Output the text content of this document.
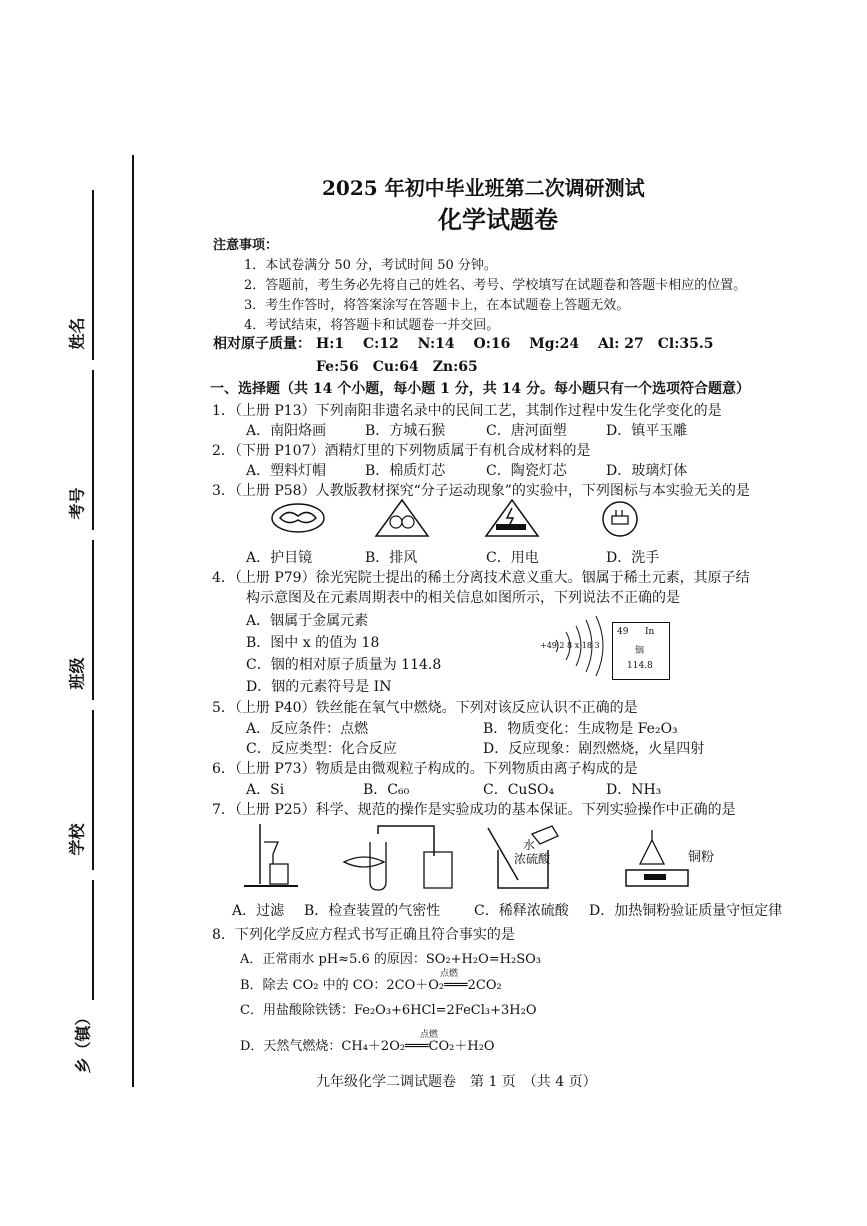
姓名
考号
班级
学校
乡（镇）
2025 年初中毕业班第二次调研测试
化学试题卷
注意事项：
1．本试卷满分 50 分，考试时间 50 分钟。
2．答题前，考生务必先将自己的姓名、考号、学校填写在试题卷和答题卡相应的位置。
3．考生作答时，将答案涂写在答题卡上，在本试题卷上答题无效。
4．考试结束，将答题卡和试题卷一并交回。
相对原子质量： H:1　 C:12　 N:14　 O:16　 Mg:24　 Al: 27　Cl:35.5
Fe:56　Cu:64　Zn:65
一、选择题（共 14 个小题，每小题 1 分，共 14 分。每小题只有一个选项符合题意）
1．（上册 P13）下列南阳非遗名录中的民间工艺，其制作过程中发生化学变化的是
A．南阳烙画	B．方城石猴	C．唐河面塑	D．镇平玉雕
2．（下册 P107）酒精灯里的下列物质属于有机合成材料的是
A．塑料灯帽	B．棉质灯芯	C．陶瓷灯芯	D．玻璃灯体
3．（上册 P58）人教版教材探究“分子运动现象”的实验中，下列图标与本实验无关的是
A．护目镜	B．排风	C．用电	D．洗手
4．（上册 P79）徐光宪院士提出的稀土分离技术意义重大。铟属于稀土元素，其原子结
构示意图及在元素周期表中的相关信息如图所示，下列说法不正确的是
A．铟属于金属元素
B．图中 x 的值为 18
C．铟的相对原子质量为 114.8
D．铟的元素符号是 IN
+49 2 8 x 18 3
49 In
铟
114.8
5．（上册 P40）铁丝能在氧气中燃烧。下列对该反应认识不正确的是
A．反应条件：点燃	B．物质变化：生成物是 Fe₂O₃
C．反应类型：化合反应	D．反应现象：剧烈燃烧，火星四射
6．（上册 P73）物质是由微观粒子构成的。下列物质由离子构成的是
A．Si	B．C₆₀	C．CuSO₄	D．NH₃
7．（上册 P25）科学、规范的操作是实验成功的基本保证。下列实验操作中正确的是
水
浓硫酸	铜粉
A．过滤 B．检查装置的气密性 C．稀释浓硫酸 D．加热铜粉验证质量守恒定律
8．下列化学反应方程式书写正确且符合事实的是
A．正常雨水 pH≈5.6 的原因：SO₂+H₂O=H₂SO₃
点燃
B．除去 CO₂ 中的 CO：2CO＋O₂═══2CO₂
C．用盐酸除铁锈：Fe₂O₃+6HCl=2FeCl₃+3H₂O
点燃
D．天然气燃烧：CH₄＋2O₂═══CO₂＋H₂O
九年级化学二调试题卷　第 1 页　（共 4 页）
